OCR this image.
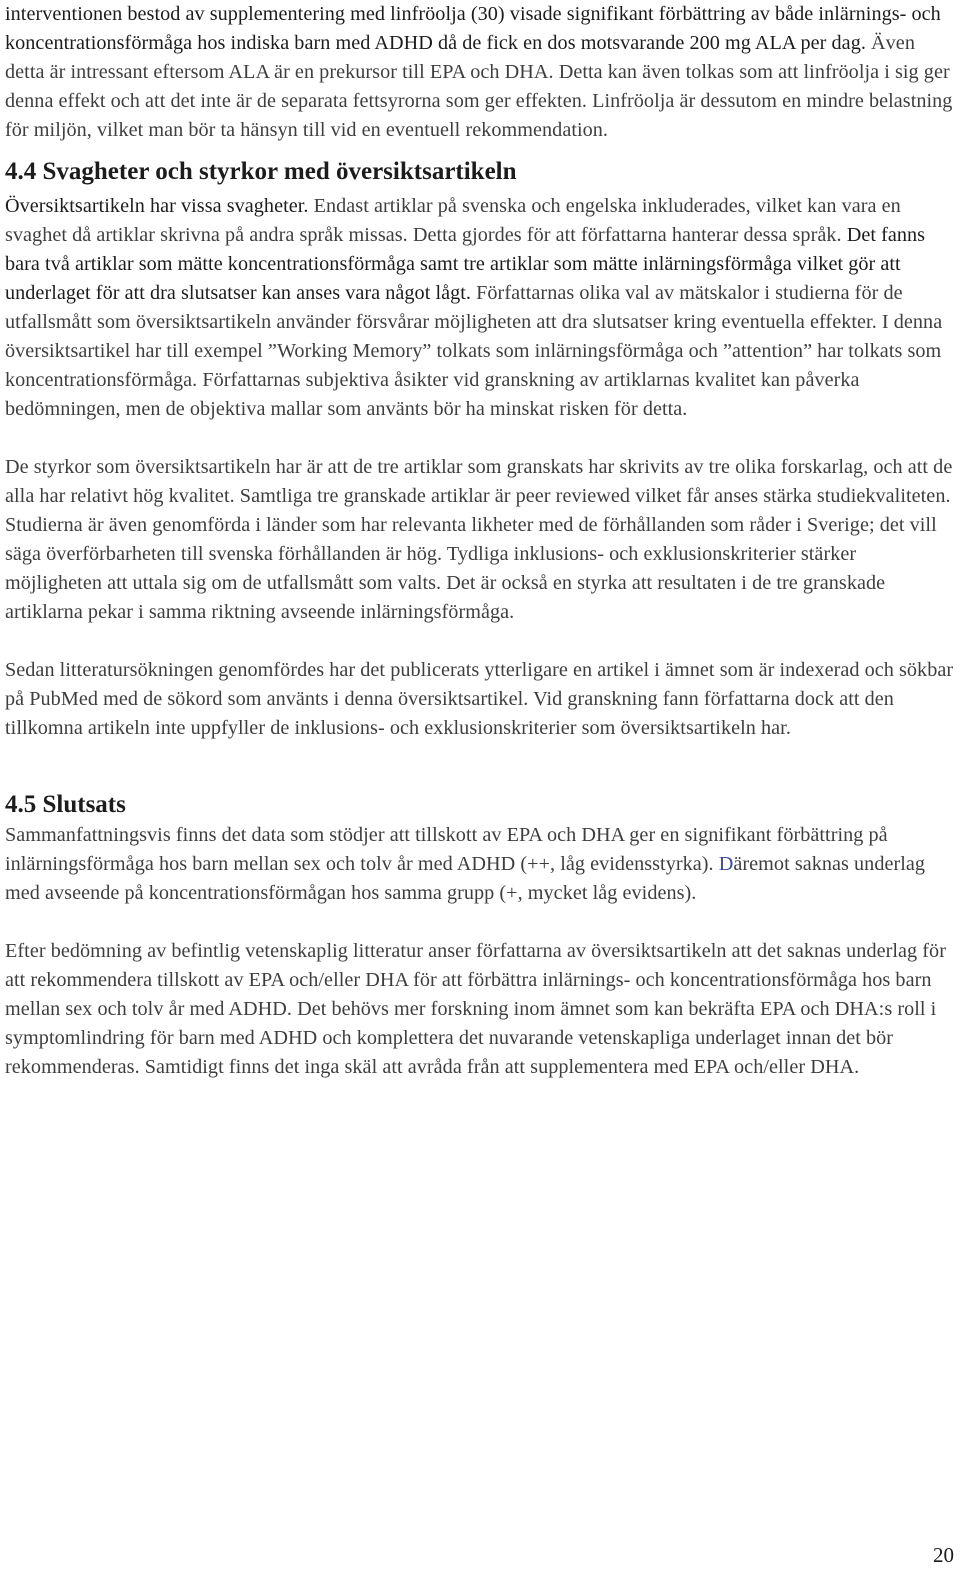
interventionen bestod av supplementering med linfröolja (30) visade signifikant förbättring av både inlärnings- och koncentrationsförmåga hos indiska barn med ADHD då de fick en dos motsvarande 200 mg ALA per dag. Även detta är intressant eftersom ALA är en prekursor till EPA och DHA. Detta kan även tolkas som att linfröolja i sig ger denna effekt och att det inte är de separata fettsyrorna som ger effekten. Linfröolja är dessutom en mindre belastning för miljön, vilket man bör ta hänsyn till vid en eventuell rekommendation.

4.4 Svagheter och styrkor med översiktsartikeln

Översiktsartikeln har vissa svagheter. Endast artiklar på svenska och engelska inkluderades, vilket kan vara en svaghet då artiklar skrivna på andra språk missas. Detta gjordes för att författarna hanterar dessa språk. Det fanns bara två artiklar som mätte koncentrationsförmåga samt tre artiklar som mätte inlärningsförmåga vilket gör att underlaget för att dra slutsatser kan anses vara något lågt. Författarnas olika val av mätskalor i studierna för de utfallsmått som översiktsartikeln använder försvårar möjligheten att dra slutsatser kring eventuella effekter. I denna översiktsartikel har till exempel ”Working Memory” tolkats som inlärningsförmåga och ”attention” har tolkats som koncentrationsförmåga. Författarnas subjektiva åsikter vid granskning av artiklarnas kvalitet kan påverka bedömningen, men de objektiva mallar som använts bör ha minskat risken för detta.

De styrkor som översiktsartikeln har är att de tre artiklar som granskats har skrivits av tre olika forskarlag, och att de alla har relativt hög kvalitet. Samtliga tre granskade artiklar är peer reviewed vilket får anses stärka studiekvaliteten. Studierna är även genomförda i länder som har relevanta likheter med de förhållanden som råder i Sverige; det vill säga överförbarheten till svenska förhållanden är hög. Tydliga inklusions- och exklusionskriterier stärker möjligheten att uttala sig om de utfallsmått som valts. Det är också en styrka att resultaten i de tre granskade artiklarna pekar i samma riktning avseende inlärningsförmåga.

Sedan litteratursökningen genomfördes har det publicerats ytterligare en artikel i ämnet som är indexerad och sökbar på PubMed med de sökord som använts i denna översiktsartikel. Vid granskning fann författarna dock att den tillkomna artikeln inte uppfyller de inklusions- och exklusionskriterier som översiktsartikeln har.

4.5 Slutsats

Sammanfattningsvis finns det data som stödjer att tillskott av EPA och DHA ger en signifikant förbättring på inlärningsförmåga hos barn mellan sex och tolv år med ADHD (++, låg evidensstyrka). Däremot saknas underlag med avseende på koncentrationsförmågan hos samma grupp (+, mycket låg evidens).

Efter bedömning av befintlig vetenskaplig litteratur anser författarna av översiktsartikeln att det saknas underlag för att rekommendera tillskott av EPA och/eller DHA för att förbättra inlärnings- och koncentrationsförmåga hos barn mellan sex och tolv år med ADHD. Det behövs mer forskning inom ämnet som kan bekräfta EPA och DHA:s roll i symptomlindring för barn med ADHD och komplettera det nuvarande vetenskapliga underlaget innan det bör rekommenderas. Samtidigt finns det inga skäl att avråda från att supplementera med EPA och/eller DHA.

20
